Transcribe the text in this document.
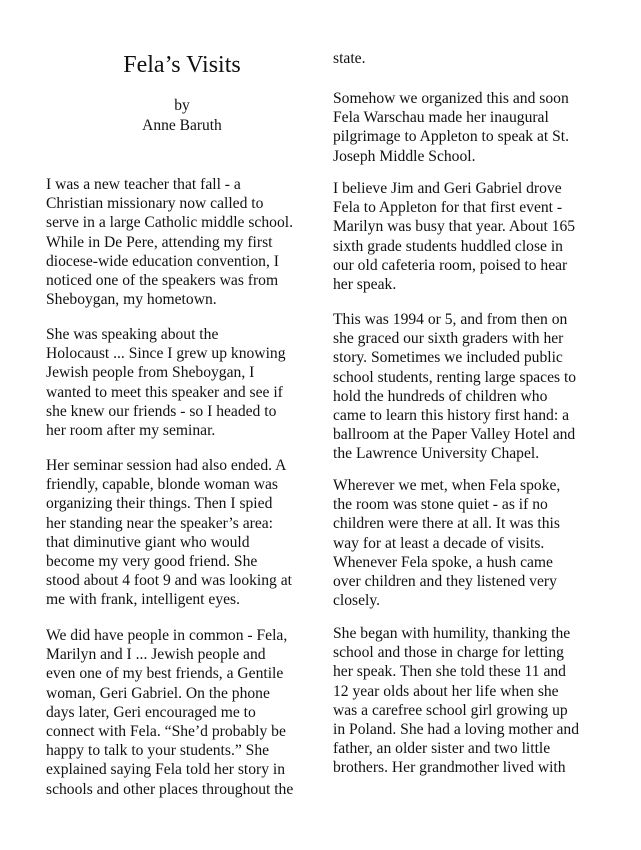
Fela’s Visits
by
Anne Baruth

I was a new teacher that fall - a
Christian missionary now called to
serve in a large Catholic middle school.
While in De Pere, attending my first
diocese-wide education convention, I
noticed one of the speakers was from
Sheboygan, my hometown.

She was speaking about the
Holocaust ... Since I grew up knowing
Jewish people from Sheboygan, I
wanted to meet this speaker and see if
she knew our friends - so I headed to
her room after my seminar.

Her seminar session had also ended. A
friendly, capable, blonde woman was
organizing their things. Then I spied
her standing near the speaker’s area:
that diminutive giant who would
become my very good friend. She
stood about 4 foot 9 and was looking at
me with frank, intelligent eyes.

We did have people in common - Fela,
Marilyn and I ... Jewish people and
even one of my best friends, a Gentile
woman, Geri Gabriel. On the phone
days later, Geri encouraged me to
connect with Fela. “She’d probably be
happy to talk to your students.” She
explained saying Fela told her story in
schools and other places throughout the

state.

Somehow we organized this and soon
Fela Warschau made her inaugural
pilgrimage to Appleton to speak at St.
Joseph Middle School.

I believe Jim and Geri Gabriel drove
Fela to Appleton for that first event -
Marilyn was busy that year. About 165
sixth grade students huddled close in
our old cafeteria room, poised to hear
her speak.

This was 1994 or 5, and from then on
she graced our sixth graders with her
story. Sometimes we included public
school students, renting large spaces to
hold the hundreds of children who
came to learn this history first hand: a
ballroom at the Paper Valley Hotel and
the Lawrence University Chapel.

Wherever we met, when Fela spoke,
the room was stone quiet - as if no
children were there at all. It was this
way for at least a decade of visits.
Whenever Fela spoke, a hush came
over children and they listened very
closely.

She began with humility, thanking the
school and those in charge for letting
her speak. Then she told these 11 and
12 year olds about her life when she
was a carefree school girl growing up
in Poland. She had a loving mother and
father, an older sister and two little
brothers. Her grandmother lived with
